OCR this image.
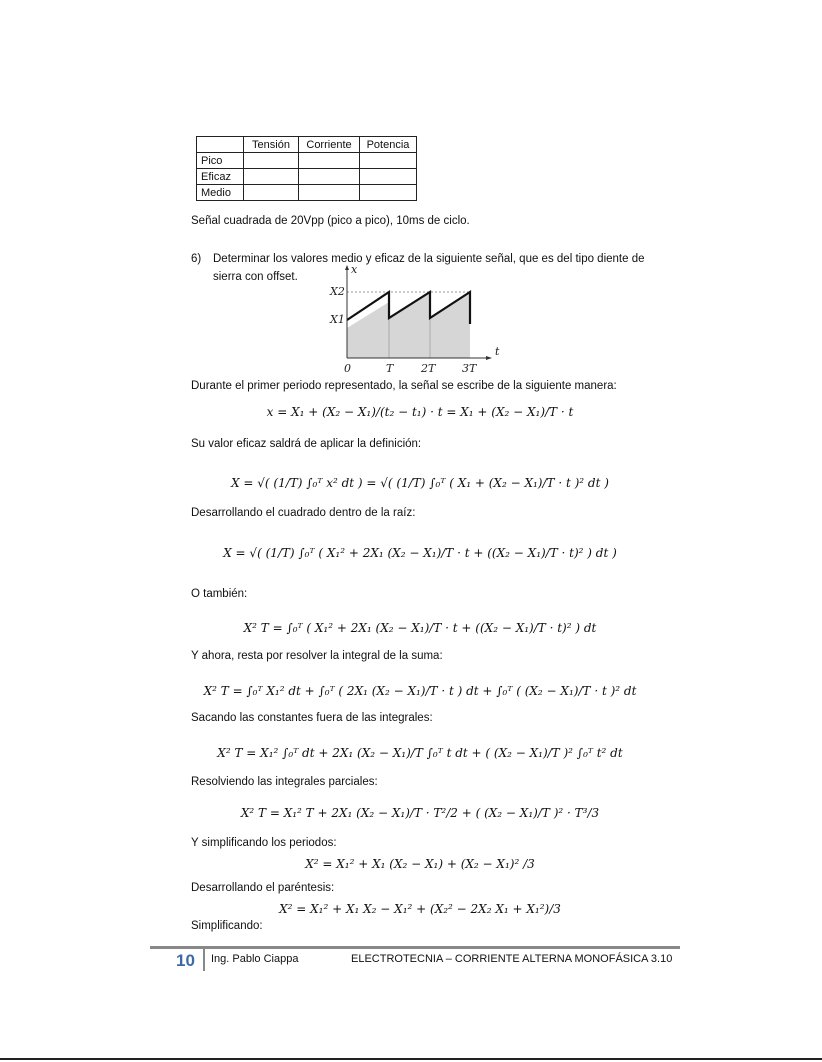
	Tensión	Corriente	Potencia
Pico			
Eficaz			
Medio			
Señal cuadrada de 20Vpp (pico a pico), 10ms de ciclo.
6) Determinar los valores medio y eficaz de la siguiente señal, que es del tipo diente de
sierra con offset.
x
t
X2
X1
0	T	2T 3T
Durante el primer periodo representado, la señal se escribe de la siguiente manera:
x = X₁ + (X₂ − X₁)/(t₂ − t₁) · t = X₁ + (X₂ − X₁)/T · t
Su valor eficaz saldrá de aplicar la definición:
X = √( (1/T) ∫₀ᵀ x² dt ) = √( (1/T) ∫₀ᵀ ( X₁ + (X₂ − X₁)/T · t )² dt )
Desarrollando el cuadrado dentro de la raíz:
X = √( (1/T) ∫₀ᵀ ( X₁² + 2X₁ (X₂ − X₁)/T · t + ((X₂ − X₁)/T · t)² ) dt )
O también:
X² T = ∫₀ᵀ ( X₁² + 2X₁ (X₂ − X₁)/T · t + ((X₂ − X₁)/T · t)² ) dt
Y ahora, resta por resolver la integral de la suma:
X² T = ∫₀ᵀ X₁² dt + ∫₀ᵀ ( 2X₁ (X₂ − X₁)/T · t ) dt + ∫₀ᵀ ( (X₂ − X₁)/T · t )² dt
Sacando las constantes fuera de las integrales:
X² T = X₁² ∫₀ᵀ dt + 2X₁ (X₂ − X₁)/T ∫₀ᵀ t dt + ( (X₂ − X₁)/T )² ∫₀ᵀ t² dt
Resolviendo las integrales parciales:
X² T = X₁² T + 2X₁ (X₂ − X₁)/T · T²/2 + ( (X₂ − X₁)/T )² · T³/3
Y simplificando los periodos:
X² = X₁² + X₁ (X₂ − X₁) + (X₂ − X₁)² /3
Desarrollando el paréntesis:
X² = X₁² + X₁ X₂ − X₁² + (X₂² − 2X₂ X₁ + X₁²)/3
Simplificando:
10 Ing. Pablo Ciappa	ELECTROTECNIA – CORRIENTE ALTERNA MONOFÁSICA 3.10
